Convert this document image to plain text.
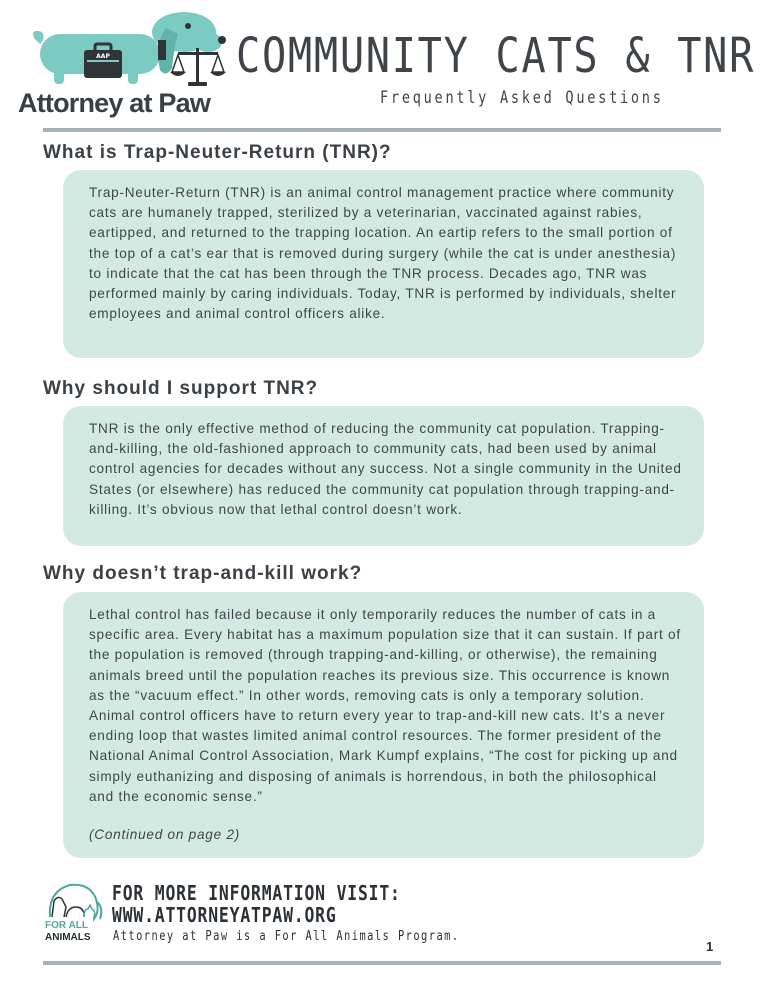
AAP
Attorney at Paw
COMMUNITY CATS & TNR
Frequently Asked Questions
What is Trap-Neuter-Return (TNR)?

Trap-Neuter-Return (TNR) is an animal control management practice where community cats are humanely trapped, sterilized by a veterinarian, vaccinated against rabies, eartipped, and returned to the trapping location. An eartip refers to the small portion of the top of a cat’s ear that is removed during surgery (while the cat is under anesthesia) to indicate that the cat has been through the TNR process. Decades ago, TNR was performed mainly by caring individuals. Today, TNR is performed by individuals, shelter employees and animal control officers alike.

Why should I support TNR?

TNR is the only effective method of reducing the community cat population. Trapping-and-killing, the old-fashioned approach to community cats, had been used by animal control agencies for decades without any success. Not a single community in the United States (or elsewhere) has reduced the community cat population through trapping-and-killing. It’s obvious now that lethal control doesn’t work.

Why doesn’t trap-and-kill work?

Lethal control has failed because it only temporarily reduces the number of cats in a specific area. Every habitat has a maximum population size that it can sustain. If part of the population is removed (through trapping-and-killing, or otherwise), the remaining animals breed until the population reaches its previous size. This occurrence is known as the “vacuum effect.” In other words, removing cats is only a temporary solution. Animal control officers have to return every year to trap-and-kill new cats. It’s a never ending loop that wastes limited animal control resources. The former president of the National Animal Control Association, Mark Kumpf explains, “The cost for picking up and simply euthanizing and disposing of animals is horrendous, in both the philosophical and the economic sense.”

(Continued on page 2)

FOR ALL
ANIMALS
FOR MORE INFORMATION VISIT:
WWW.ATTORNEYATPAW.ORG
Attorney at Paw is a For All Animals Program.
1
